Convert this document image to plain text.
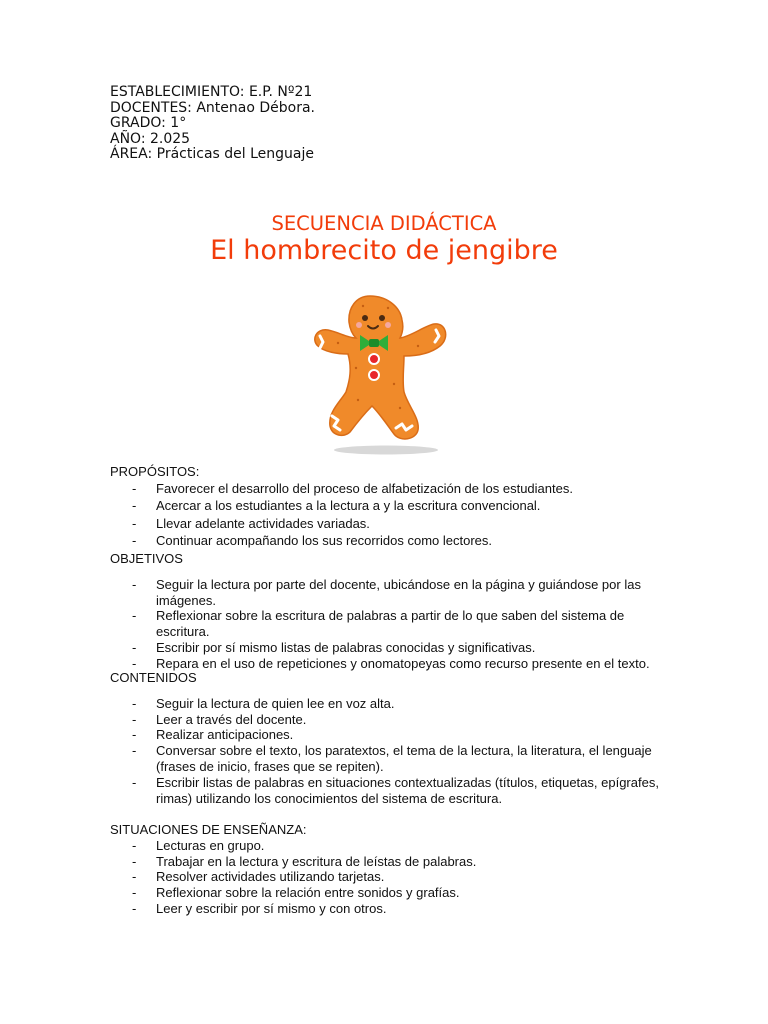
ESTABLECIMIENTO: E.P. Nº21
DOCENTES: Antenao Débora.
GRADO: 1°
AÑO: 2.025
ÁREA: Prácticas del Lenguaje
SECUENCIA DIDÁCTICA
El hombrecito de jengibre
PROPÓSITOS:
- Favorecer el desarrollo del proceso de alfabetización de los estudiantes.
- Acercar a los estudiantes a la lectura a y la escritura convencional.
- Llevar adelante actividades variadas.
- Continuar acompañando los sus recorridos como lectores.
OBJETIVOS
- Seguir la lectura por parte del docente, ubicándose en la página y guiándose por las imágenes.
- Reflexionar sobre la escritura de palabras a partir de lo que saben del sistema de escritura.
- Escribir por sí mismo listas de palabras conocidas y significativas.
- Repara en el uso de repeticiones y onomatopeyas como recurso presente en el texto.
CONTENIDOS
- Seguir la lectura de quien lee en voz alta.
- Leer a través del docente.
- Realizar anticipaciones.
- Conversar sobre el texto, los paratextos, el tema de la lectura, la literatura, el lenguaje (frases de inicio, frases que se repiten).
- Escribir listas de palabras en situaciones contextualizadas (títulos, etiquetas, epígrafes, rimas) utilizando los conocimientos del sistema de escritura.
SITUACIONES DE ENSEÑANZA:
- Lecturas en grupo.
- Trabajar en la lectura y escritura de leístas de palabras.
- Resolver actividades utilizando tarjetas.
- Reflexionar sobre la relación entre sonidos y grafías.
- Leer y escribir por sí mismo y con otros.
